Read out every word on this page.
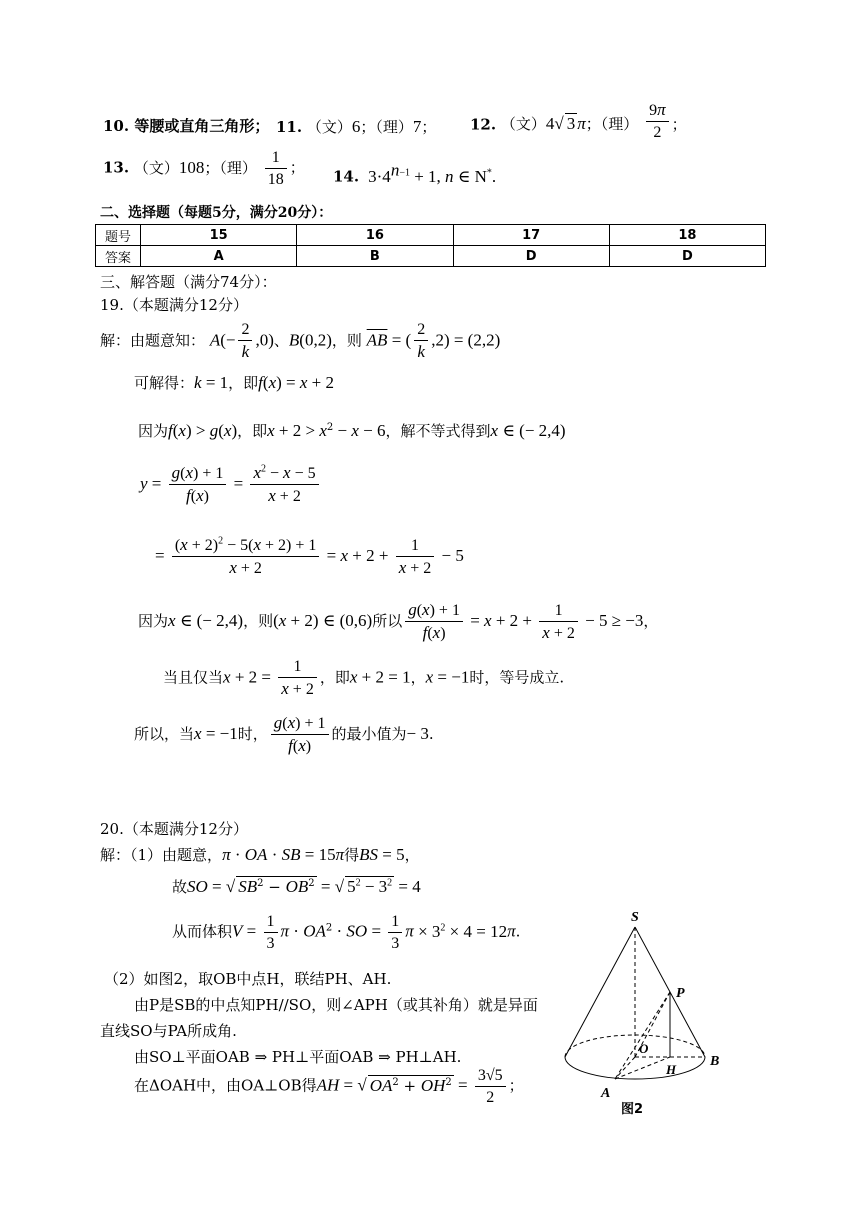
10. 等腰或直角三角形； 11. （文）6；（理）7； 12. （文）4√ 3 π；（理） $\frac{9\pi}{2}$ ；
13. （文）108；（理） $\frac{1}{18}$ ； 14.  $3\cdot 4^{n-1} + 1$, n ∈ N*.
二、选择题（每题5分，满分20分）：
题号	15	16	17	18
答案	A	B	D	D
三、解答题（满分74分）：
19.（本题满分12分）
解：由题意知： $A(- \frac{2}{k} ,0)$、B(0,2)，则 $\overline{AB}$ = ( $\frac{2}{k} ,2) = (2,2)$
可解得：k = 1，即f(x) = x + 2
因为f(x) > g(x)，即$x + 2 > x^2 - x - 6$，解不等式得到x ∈ (− 2,4)
$y = \frac{g(x) + 1}{f(x)} = \frac{x^2 - x - 5}{x + 2}$
= $\frac{(x + 2)^2 - 5(x + 2) + 1}{x + 2} = x + 2 + \frac{1}{x + 2} - 5$
因为x ∈ (− 2,4)，则(x + 2) ∈ (0,6)所以 $\frac{g(x) + 1}{f(x)} = x + 2 + \frac{1}{x + 2} - 5 \ge -3$，
当且仅当$x + 2 = \frac{1}{x + 2}$ ，即x + 2 = 1，x = −1时，等号成立.
所以，当x = −1时， $\frac{g(x) + 1}{f(x)}$ 的最小值为− 3.
20.（本题满分12分）
解：（1）由题意，π · OA · SB = 15π得BS = 5，
故SO = √ $SB^2 - OB^2$ = √ $5^2 - 3^2 = 4$
从而体积$V = \frac{1}{3}$ $\pi \cdot OA^2$ · SO = $\frac{1}{3}$ $\pi \times 3^2 \times 4 = 12\pi$.
（2）如图2，取OB中点H，联结PH、AH.
由P是SB的中点知PH//SO，则∠APH（或其补角）就是异面
直线SO与PA所成角.
由SO⊥平面OAB ⇒ PH⊥平面OAB ⇒ PH⊥AH.
在ΔOAH中，由OA⊥OB得AH = √ $OA^2 + OH^2 = \frac{3√5}{2}$ ；
S
P
O
B
H
A
图2
